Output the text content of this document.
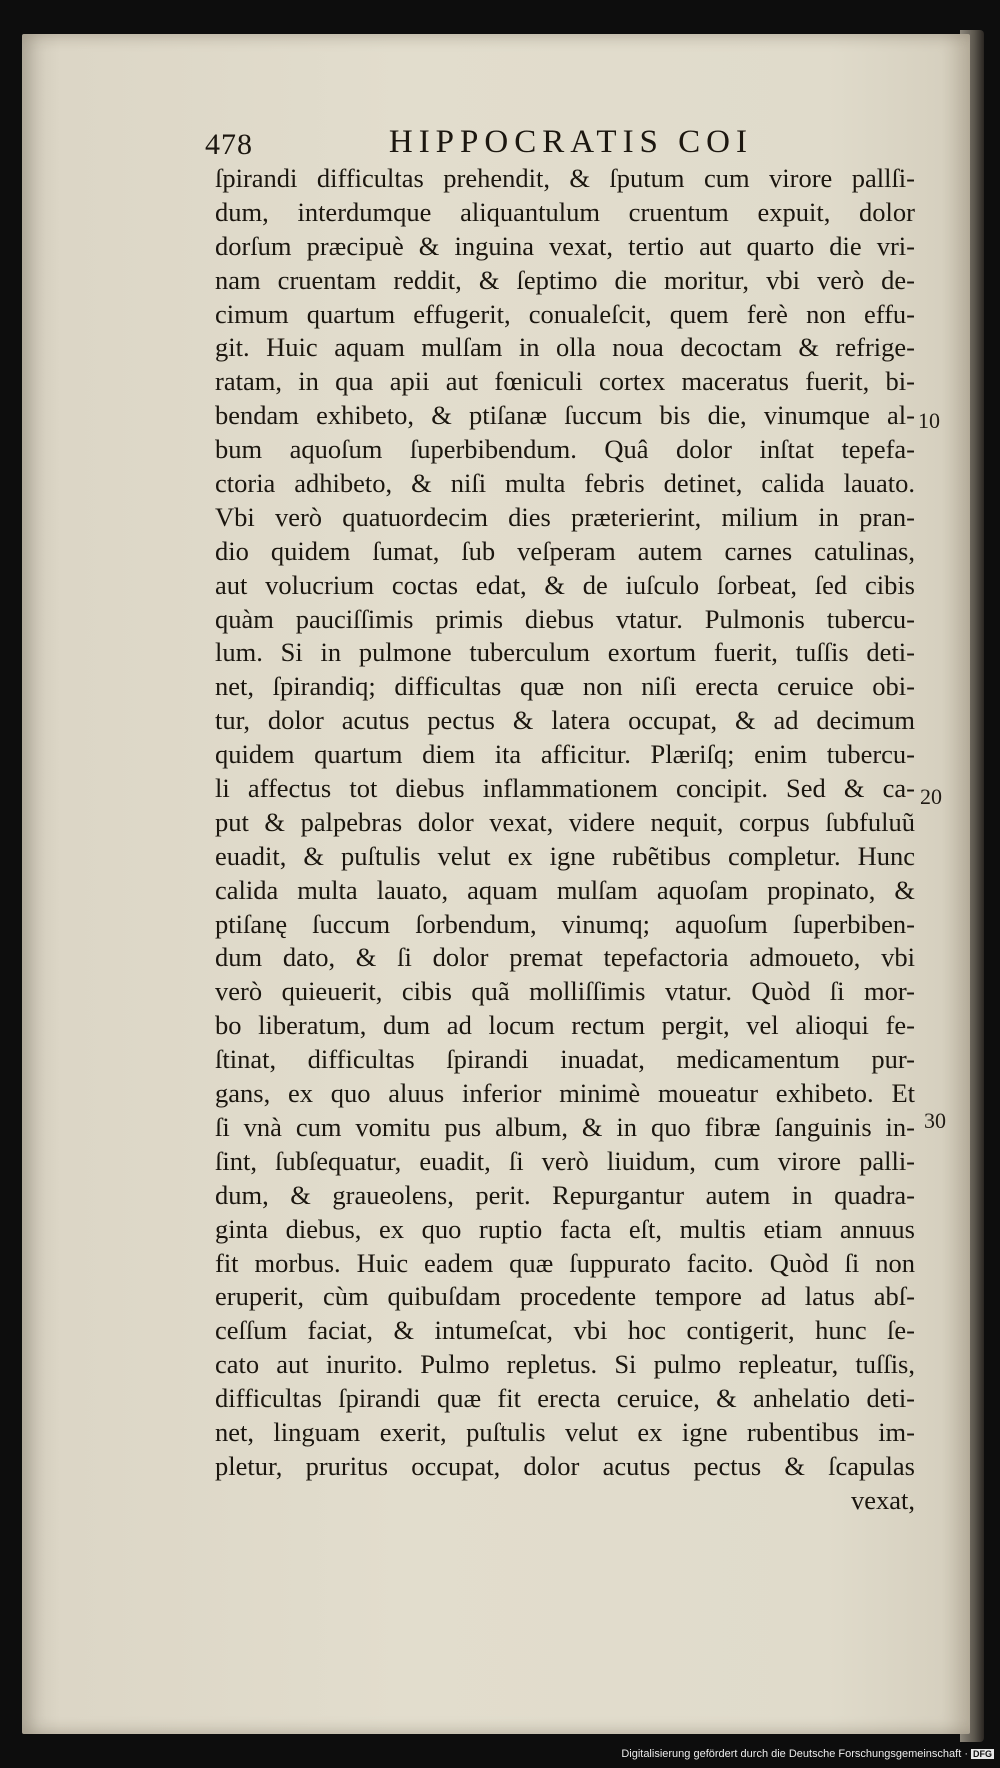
478	HIPPOCRATIS COI
ſpirandi difficultas prehendit, & ſputum cum virore pallſi-
dum, interdumque aliquantulum cruentum expuit, dolor
dorſum præcipuè & inguina vexat, tertio aut quarto die vri-
nam cruentam reddit, & ſeptimo die moritur, vbi verò de-
cimum quartum effugerit, conualeſcit, quem ferè non effu-
git. Huic aquam mulſam in olla noua decoctam & refrige-
ratam, in qua apii aut fœniculi cortex maceratus fuerit, bi-
bendam exhibeto, & ptiſanæ ſuccum bis die, vinumque al-
bum aquoſum ſuperbibendum. Quâ dolor inſtat tepefa-
ctoria adhibeto, & niſi multa febris detinet, calida lauato.
Vbi verò quatuordecim dies præterierint, milium in pran-
dio quidem ſumat, ſub veſperam autem carnes catulinas,
aut volucrium coctas edat, & de iuſculo ſorbeat, ſed cibis
quàm pauciſſimis primis diebus vtatur. Pulmonis tubercu-
lum. Si in pulmone tuberculum exortum fuerit, tuſſis deti-
net, ſpirandiq; difficultas quæ non niſi erecta ceruice obi-
tur, dolor acutus pectus & latera occupat, & ad decimum
quidem quartum diem ita afficitur. Plæriſq; enim tubercu-
li affectus tot diebus inflammationem concipit. Sed & ca-
put & palpebras dolor vexat, videre nequit, corpus ſubfuluũ
euadit, & puſtulis velut ex igne rubẽtibus completur. Hunc
calida multa lauato, aquam mulſam aquoſam propinato, &
ptiſanę ſuccum ſorbendum, vinumq; aquoſum ſuperbiben-
dum dato, & ſi dolor premat tepefactoria admoueto, vbi
verò quieuerit, cibis quã molliſſimis vtatur. Quòd ſi mor-
bo liberatum, dum ad locum rectum pergit, vel alioqui fe-
ſtinat, difficultas ſpirandi inuadat, medicamentum pur-
gans, ex quo aluus inferior minimè moueatur exhibeto. Et
ſi vnà cum vomitu pus album, & in quo fibræ ſanguinis in-
ſint, ſubſequatur, euadit, ſi verò liuidum, cum virore palli-
dum, & graueolens, perit. Repurgantur autem in quadra-
ginta diebus, ex quo ruptio facta eſt, multis etiam annuus
fit morbus. Huic eadem quæ ſuppurato facito. Quòd ſi non
eruperit, cùm quibuſdam procedente tempore ad latus abſ-
ceſſum faciat, & intumeſcat, vbi hoc contigerit, hunc ſe-
cato aut inurito. Pulmo repletus. Si pulmo repleatur, tuſſis,
difficultas ſpirandi quæ fit erecta ceruice, & anhelatio deti-
net, linguam exerit, puſtulis velut ex igne rubentibus im-
pletur, pruritus occupat, dolor acutus pectus & ſcapulas
vexat,
10
20
30
Digitalisierung gefördert durch die Deutsche Forschungsgemeinschaft · DFG
